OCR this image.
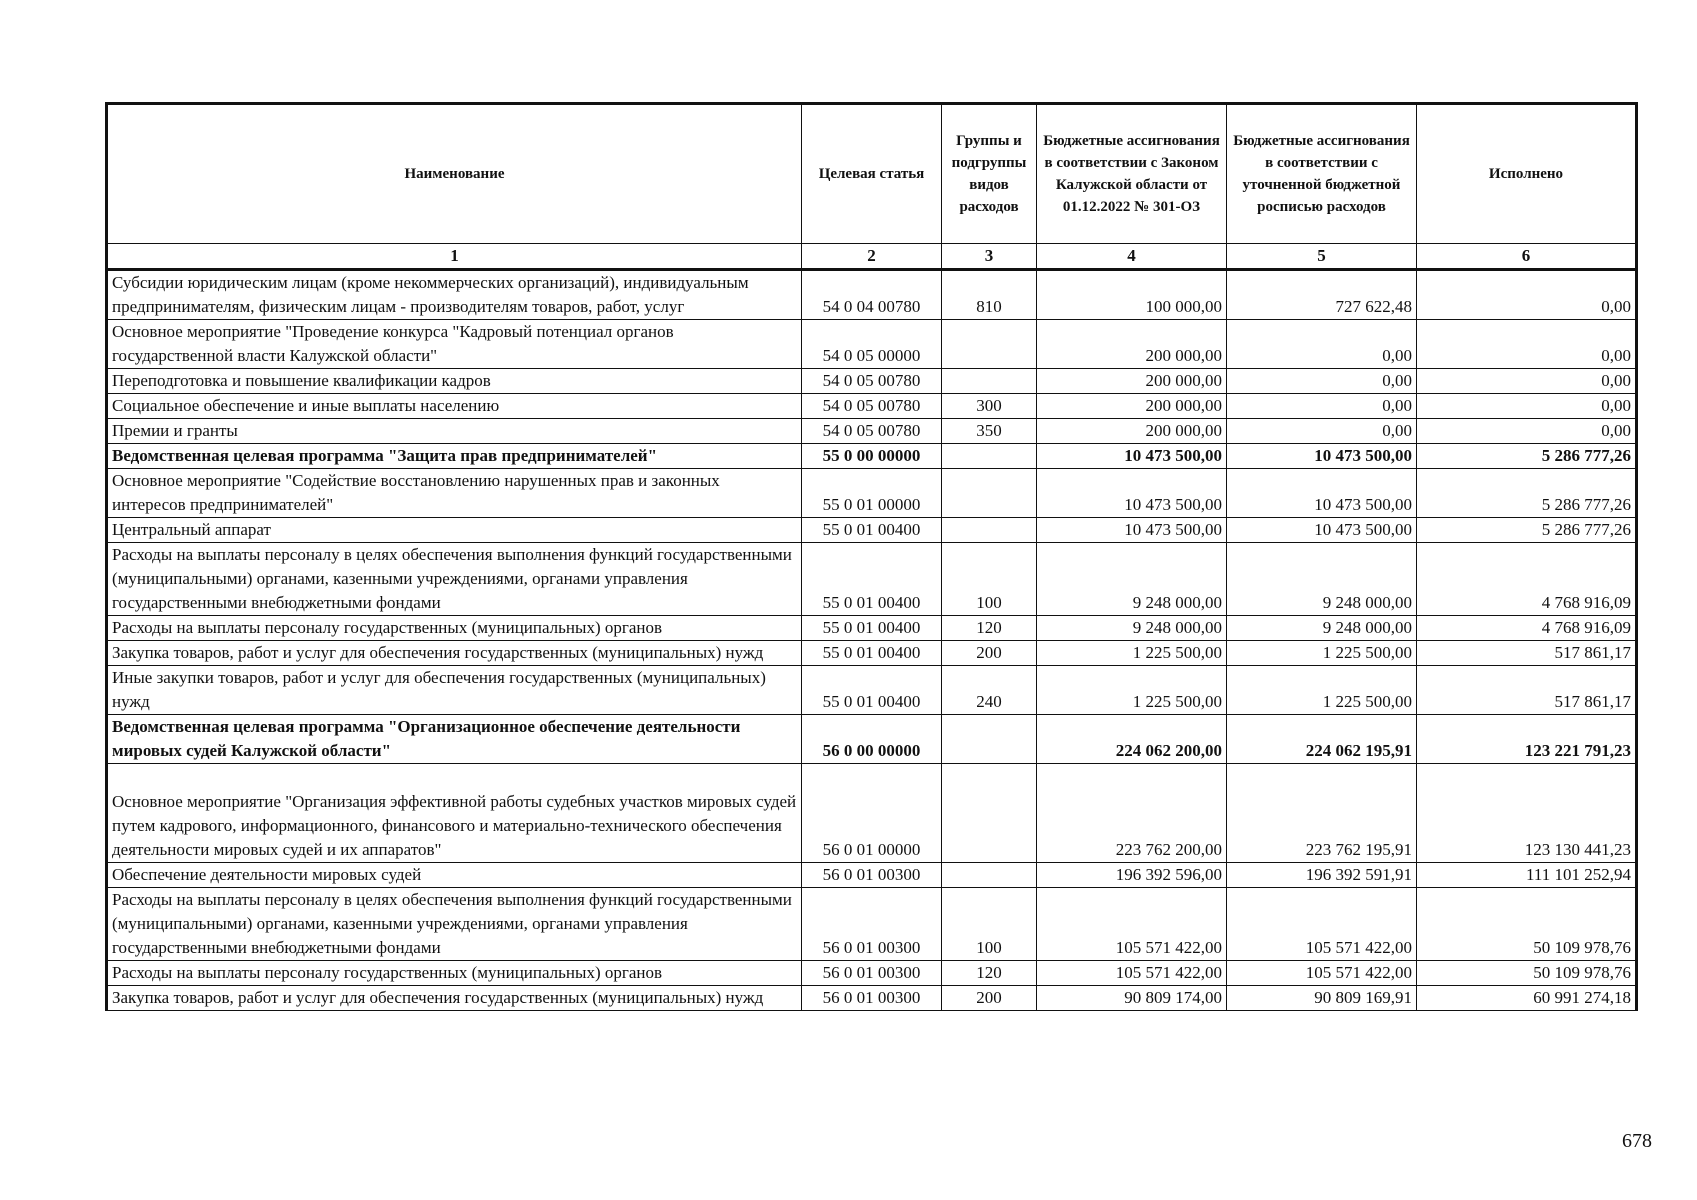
Наименование	Целевая статья	Группы и подгруппы видов расходов	Бюджетные ассигнования в соответствии с Законом Калужской области от 01.12.2022 № 301-ОЗ	Бюджетные ассигнования в соответствии с уточненной бюджетной росписью расходов	Исполнено
1	2	3	4	5	6
Субсидии юридическим лицам (кроме некоммерческих организаций), индивидуальным предпринимателям, физическим лицам - производителям товаров, работ, услуг	54 0 04 00780	810	100 000,00	727 622,48	0,00
Основное мероприятие "Проведение конкурса "Кадровый потенциал органов государственной власти Калужской области"	54 0 05 00000		200 000,00	0,00	0,00
Переподготовка и повышение квалификации кадров	54 0 05 00780		200 000,00	0,00	0,00
Социальное обеспечение и иные выплаты населению	54 0 05 00780	300	200 000,00	0,00	0,00
Премии и гранты	54 0 05 00780	350	200 000,00	0,00	0,00
Ведомственная целевая программа "Защита прав предпринимателей"	55 0 00 00000		10 473 500,00	10 473 500,00	5 286 777,26
Основное мероприятие "Содействие восстановлению нарушенных прав и законных интересов предпринимателей"	55 0 01 00000		10 473 500,00	10 473 500,00	5 286 777,26
Центральный аппарат	55 0 01 00400		10 473 500,00	10 473 500,00	5 286 777,26
Расходы на выплаты персоналу в целях обеспечения выполнения функций государственными (муниципальными) органами, казенными учреждениями, органами управления государственными внебюджетными фондами	55 0 01 00400	100	9 248 000,00	9 248 000,00	4 768 916,09
Расходы на выплаты персоналу государственных (муниципальных) органов	55 0 01 00400	120	9 248 000,00	9 248 000,00	4 768 916,09
Закупка товаров, работ и услуг для обеспечения государственных (муниципальных) нужд	55 0 01 00400	200	1 225 500,00	1 225 500,00	517 861,17
Иные закупки товаров, работ и услуг для обеспечения государственных (муниципальных) нужд	55 0 01 00400	240	1 225 500,00	1 225 500,00	517 861,17
Ведомственная целевая программа "Организационное обеспечение деятельности мировых судей Калужской области"	56 0 00 00000		224 062 200,00	224 062 195,91	123 221 791,23
Основное мероприятие "Организация эффективной работы судебных участков мировых судей путем кадрового, информационного, финансового и материально-технического обеспечения деятельности мировых судей и их аппаратов"	56 0 01 00000		223 762 200,00	223 762 195,91	123 130 441,23
Обеспечение деятельности мировых судей	56 0 01 00300		196 392 596,00	196 392 591,91	111 101 252,94
Расходы на выплаты персоналу в целях обеспечения выполнения функций государственными (муниципальными) органами, казенными учреждениями, органами управления государственными внебюджетными фондами	56 0 01 00300	100	105 571 422,00	105 571 422,00	50 109 978,76
Расходы на выплаты персоналу государственных (муниципальных) органов	56 0 01 00300	120	105 571 422,00	105 571 422,00	50 109 978,76
Закупка товаров, работ и услуг для обеспечения государственных (муниципальных) нужд	56 0 01 00300	200	90 809 174,00	90 809 169,91	60 991 274,18
678
